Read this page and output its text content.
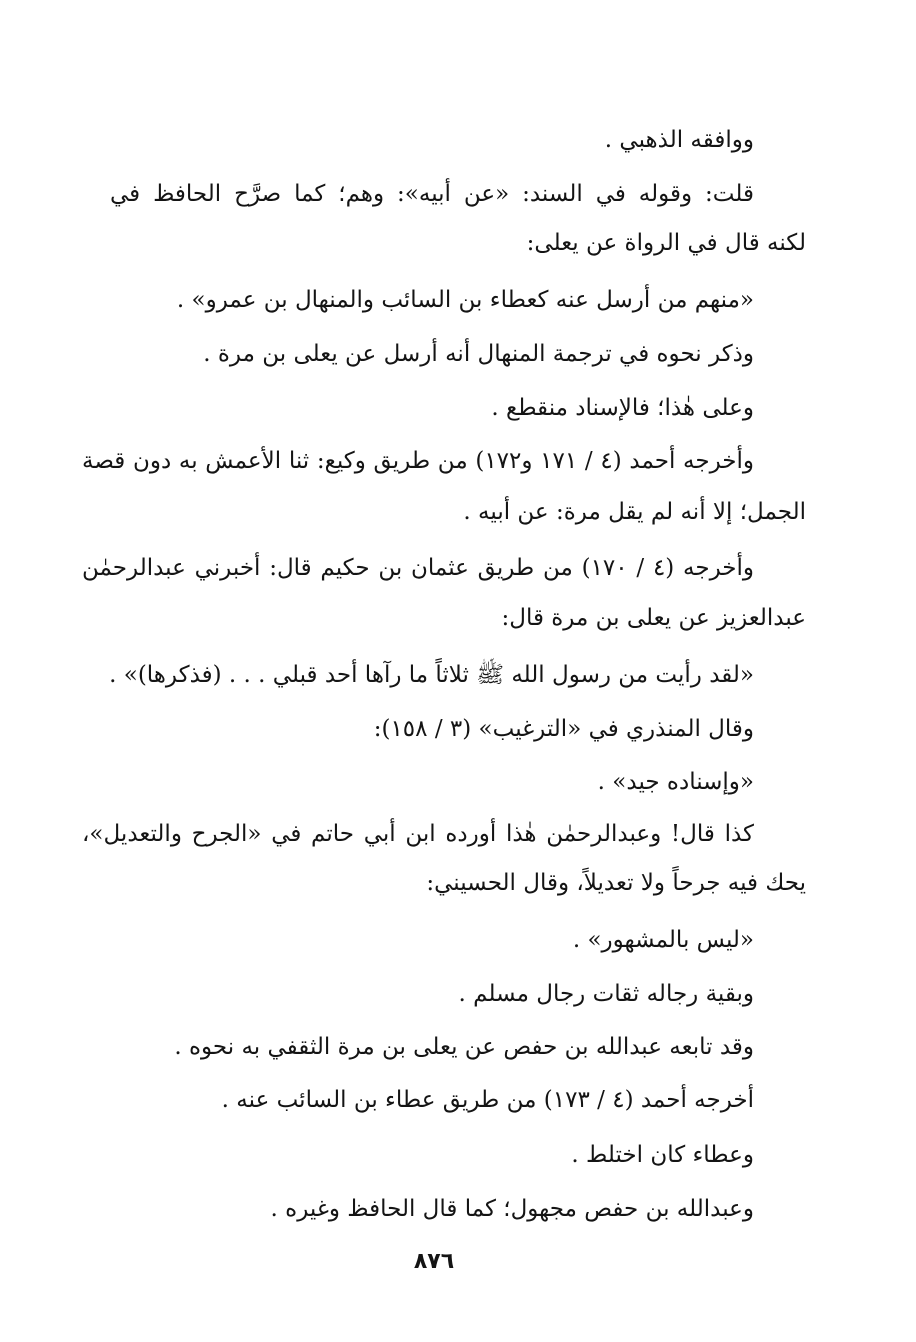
ووافقه الذهبي .
قلت: وقوله في السند: «عن أبيه»: وهم؛ كما صرَّح الحافظ في
لكنه قال في الرواة عن يعلى:
«منهم من أرسل عنه كعطاء بن السائب والمنهال بن عمرو» .
وذكر نحوه في ترجمة المنهال أنه أرسل عن يعلى بن مرة .
وعلى هٰذا؛ فالإسناد منقطع .
وأخرجه أحمد (٤ / ١٧١ و١٧٢) من طريق وكيع: ثنا الأعمش به دون قصة
الجمل؛ إلا أنه لم يقل مرة: عن أبيه .
وأخرجه (٤ / ١٧٠) من طريق عثمان بن حكيم قال: أخبرني عبدالرحمٰن
عبدالعزيز عن يعلى بن مرة قال:
«لقد رأيت من رسول الله ﷺ ثلاثاً ما رآها أحد قبلي . . . (فذكرها)» .
وقال المنذري في «الترغيب» (٣ / ١٥٨):
«وإسناده جيد» .
كذا قال! وعبدالرحمٰن هٰذا أورده ابن أبي حاتم في «الجرح والتعديل»،
يحك فيه جرحاً ولا تعديلاً، وقال الحسيني:
«ليس بالمشهور» .
وبقية رجاله ثقات رجال مسلم .
وقد تابعه عبدالله بن حفص عن يعلى بن مرة الثقفي به نحوه .
أخرجه أحمد (٤ / ١٧٣) من طريق عطاء بن السائب عنه .
وعطاء كان اختلط .
وعبدالله بن حفص مجهول؛ كما قال الحافظ وغيره .
٨٧٦
